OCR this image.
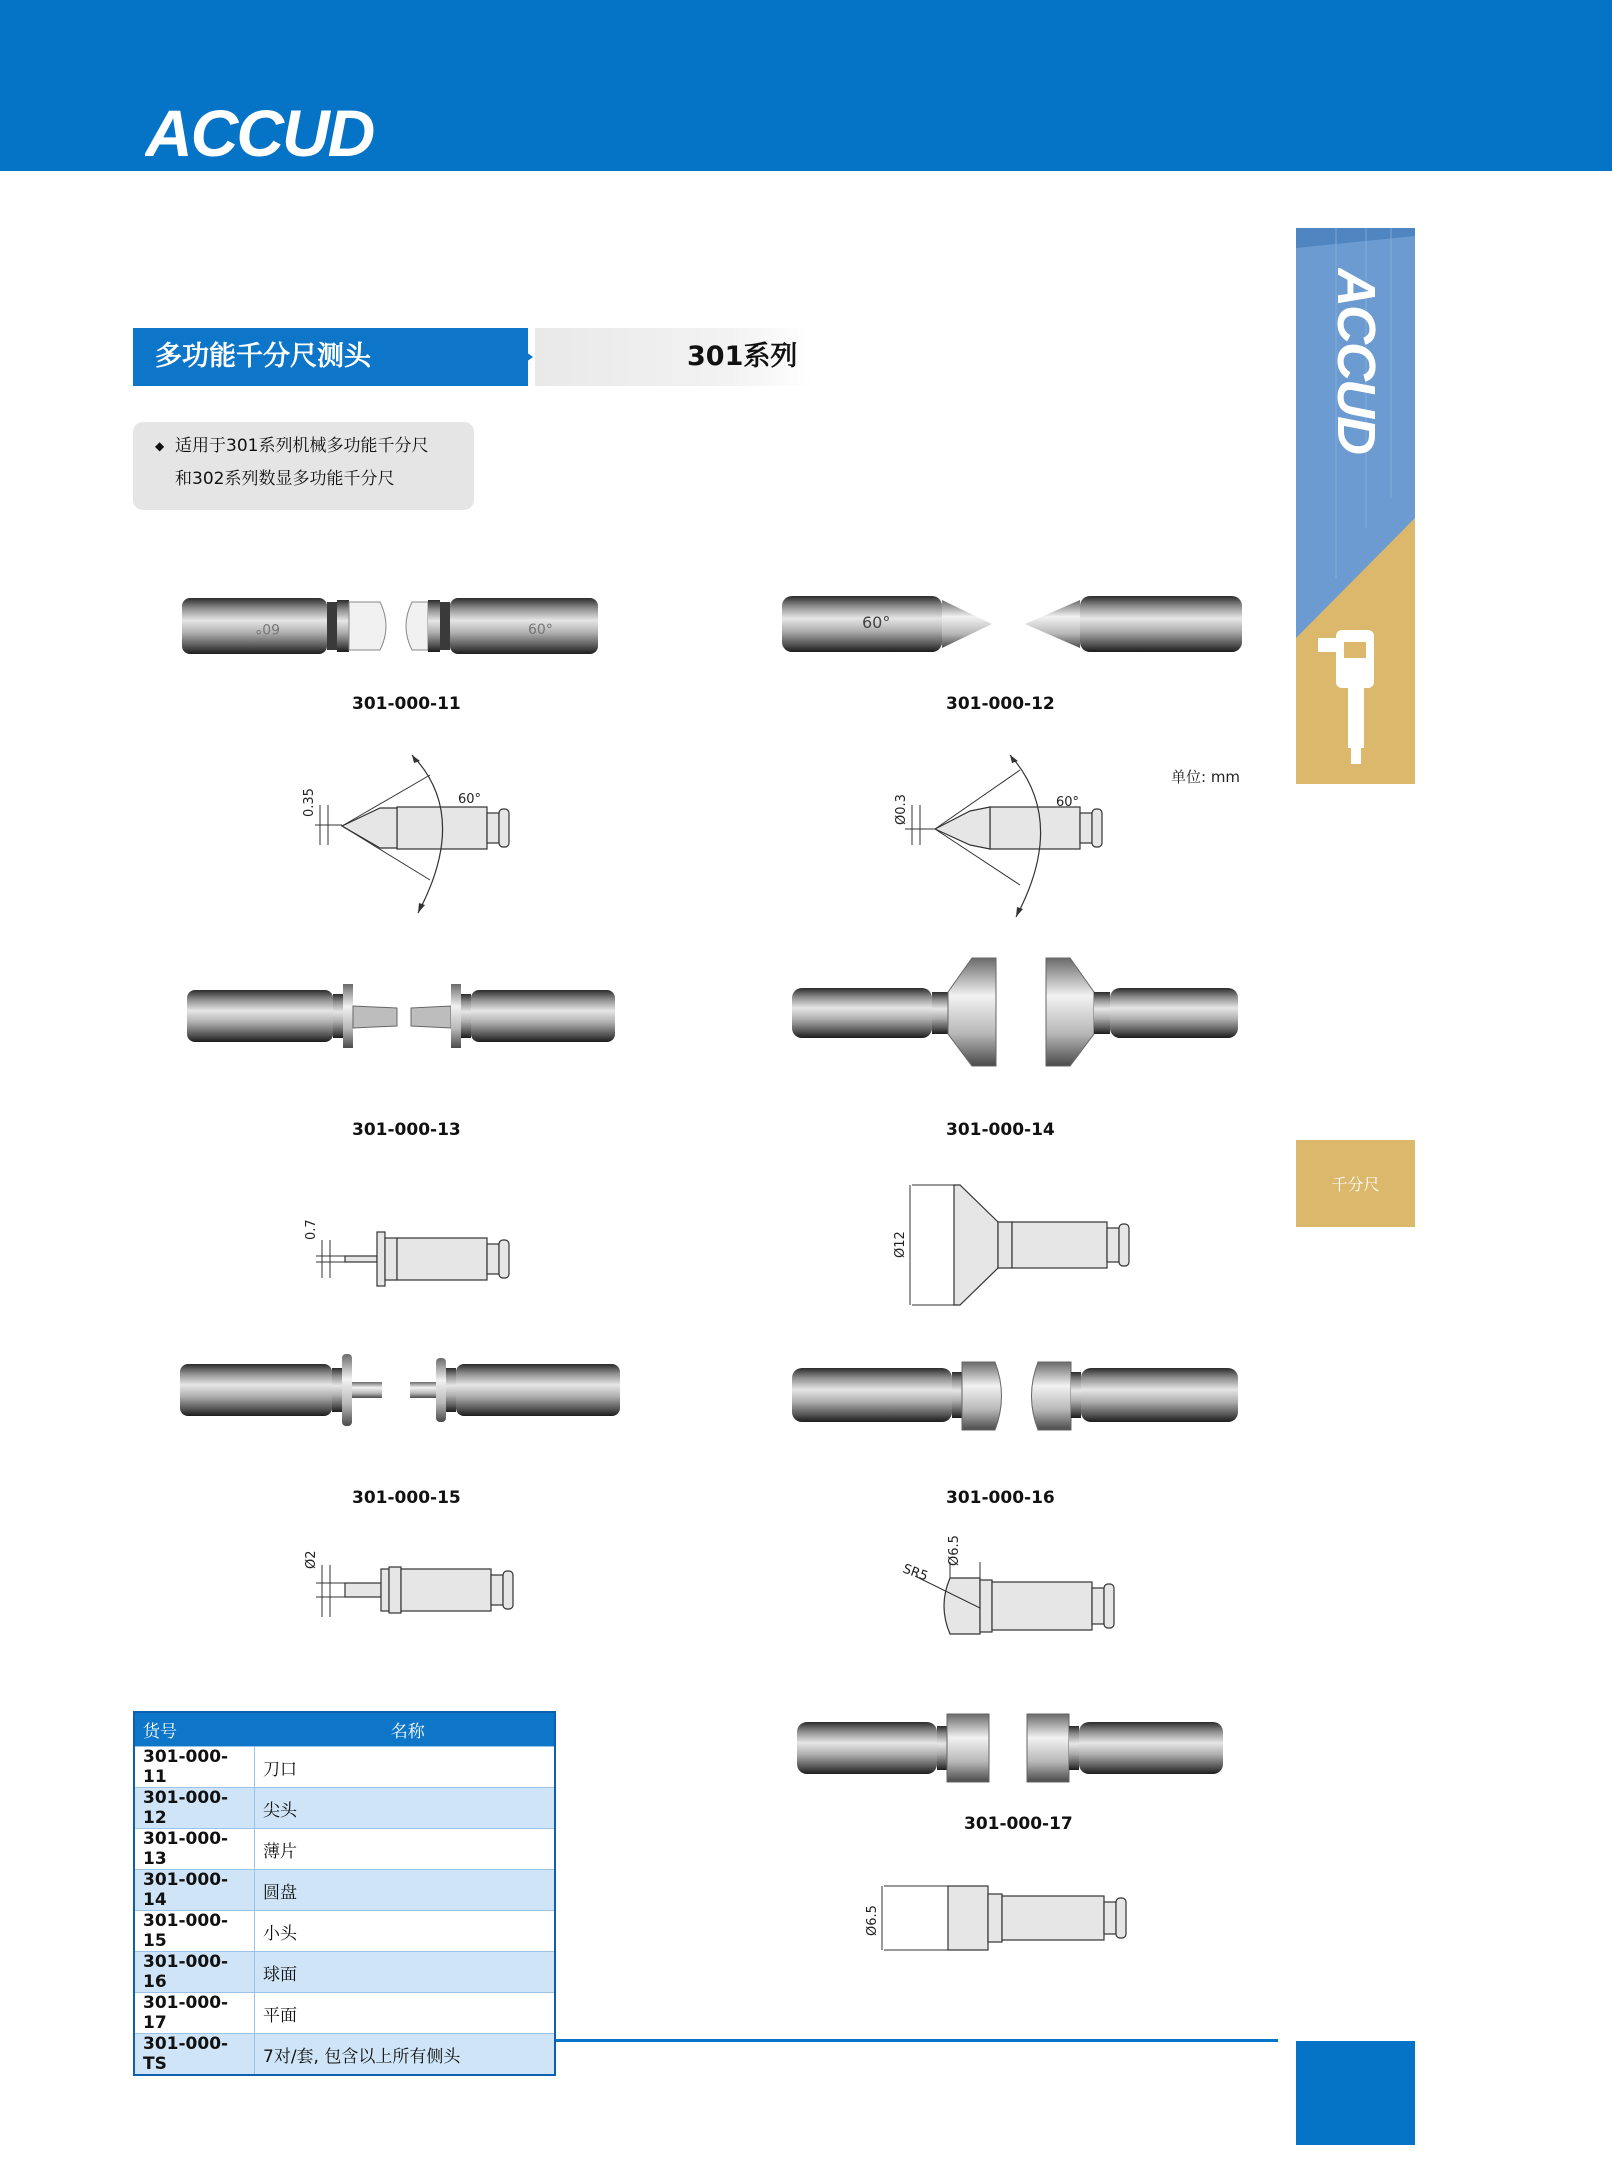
ACCUD
ACCUD
千分尺
301系列
多功能千分尺测头
◆ 适用于301系列机械多功能千分尺
和302系列数显多功能千分尺
60°	60°
301-000-11
60°
301-000-12
单位: mm
0.35	60°	Ø0.3	60°
301-000-13	301-000-14
0.7
Ø12
301-000-15	301-000-16
Ø2
SR5
Ø6.5
301-000-17
Ø6.5
货号	名称
301-000-11	刀口
301-000-12	尖头
301-000-13	薄片
301-000-14	圆盘
301-000-15	小头
301-000-16	球面
301-000-17	平面
301-000-TS	7对/套, 包含以上所有侧头
